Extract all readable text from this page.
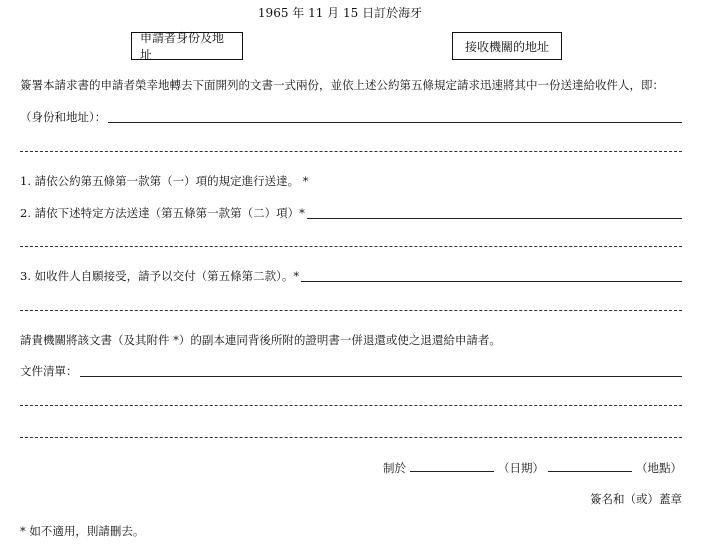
1965 年 11 月 15 日訂於海牙
申請者身份及地址
接收機關的地址
簽署本請求書的申請者榮幸地轉去下面開列的文書一式兩份，並依上述公約第五條規定請求迅速將其中一份送達給收件人，即：
（身份和地址）：
1. 請依公約第五條第一款第（一）項的規定進行送達。 *
2. 請依下述特定方法送達（第五條第一款第（二）項）*
3. 如收件人自願接受，請予以交付（第五條第二款）。*
請貴機關將該文書（及其附件 *）的副本連同背後所附的證明書一併退還或使之退還給申請者。
文件清單：
制於	（日期）	（地點）
簽名和（或）蓋章
* 如不適用，則請刪去。
